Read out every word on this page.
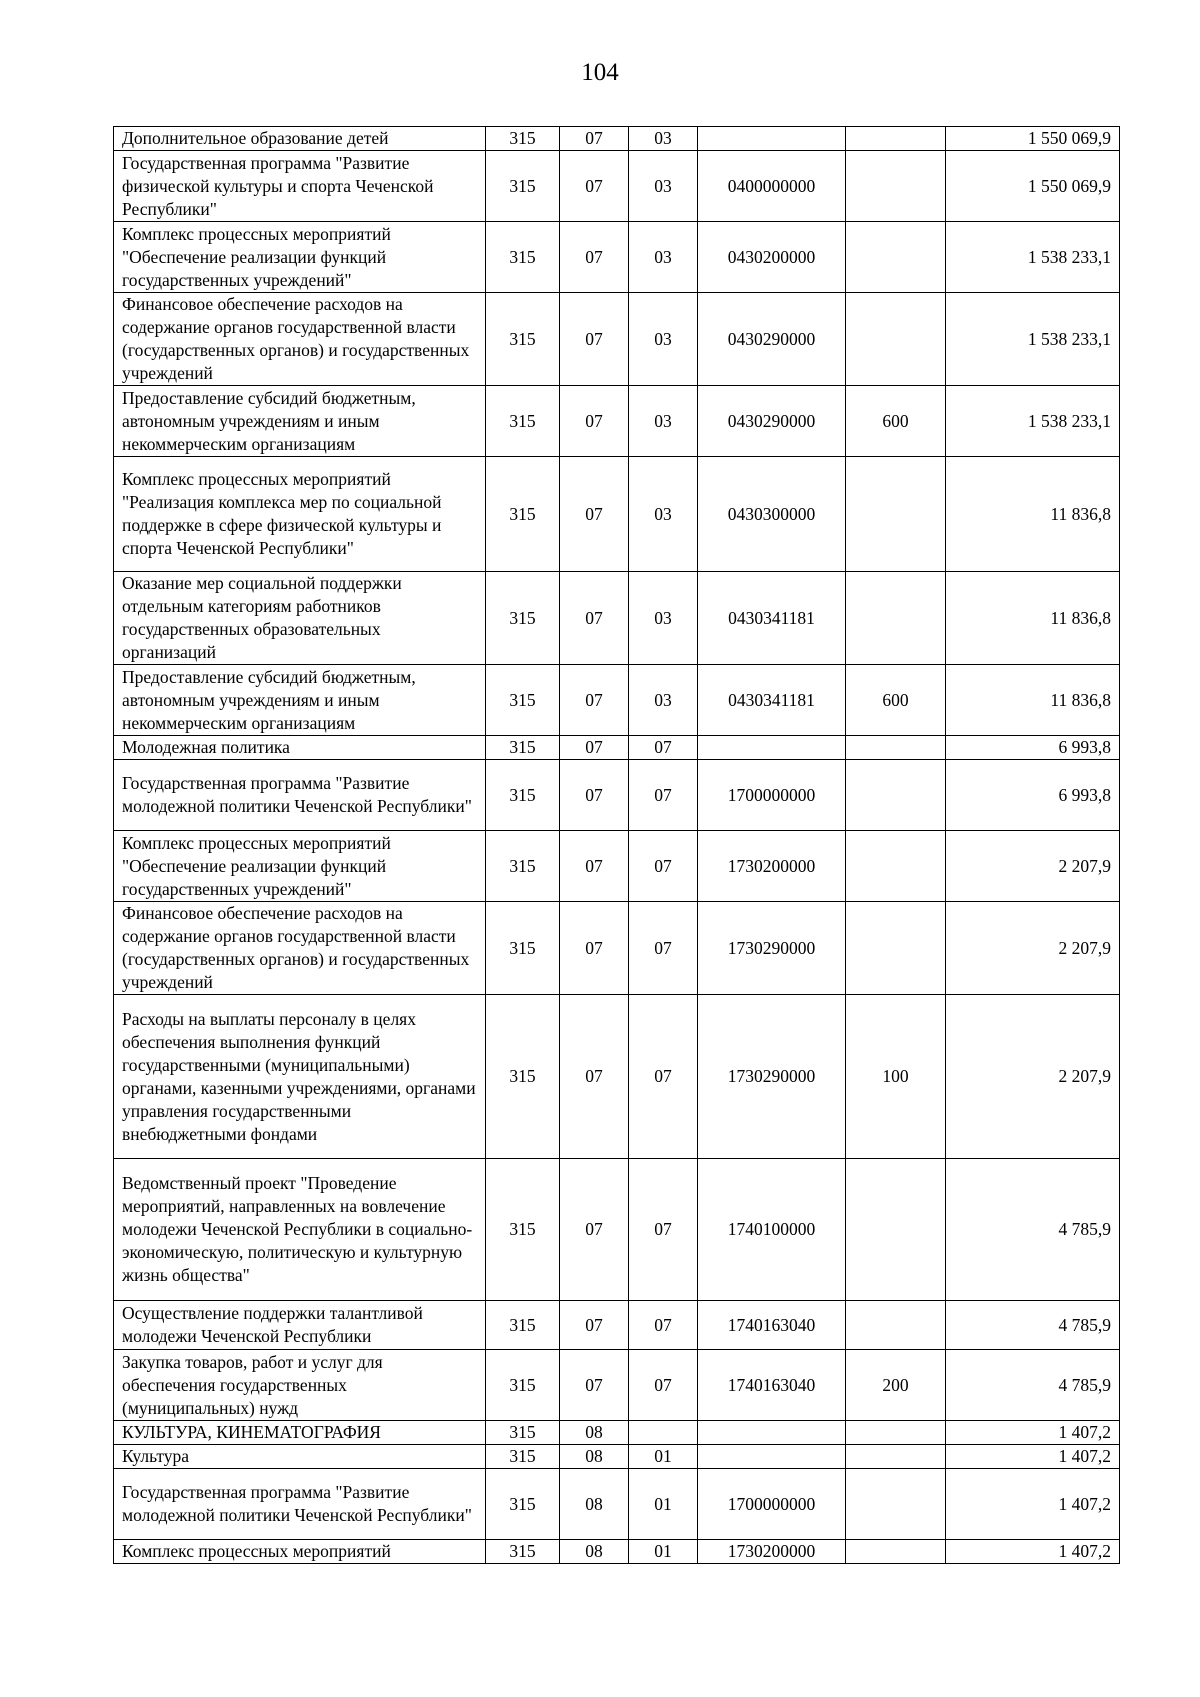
104
Дополнительное образование детей	315	07	03			1 550 069,9
Государственная программа "Развитие физической культуры и спорта Чеченской Республики"	315	07	03	0400000000		1 550 069,9
Комплекс процессных мероприятий "Обеспечение реализации функций государственных учреждений"	315	07	03	0430200000		1 538 233,1
Финансовое обеспечение расходов на содержание органов государственной власти (государственных органов) и государственных учреждений	315	07	03	0430290000		1 538 233,1
Предоставление субсидий бюджетным, автономным учреждениям и иным некоммерческим организациям	315	07	03	0430290000	600	1 538 233,1
Комплекс процессных мероприятий "Реализация комплекса мер по социальной поддержке в сфере физической культуры и спорта Чеченской Республики"	315	07	03	0430300000		11 836,8
Оказание мер социальной поддержки отдельным категориям работников государственных образовательных организаций	315	07	03	0430341181		11 836,8
Предоставление субсидий бюджетным, автономным учреждениям и иным некоммерческим организациям	315	07	03	0430341181	600	11 836,8
Молодежная политика	315	07	07			6 993,8
Государственная программа "Развитие молодежной политики Чеченской Республики"	315	07	07	1700000000		6 993,8
Комплекс процессных мероприятий "Обеспечение реализации функций государственных учреждений"	315	07	07	1730200000		2 207,9
Финансовое обеспечение расходов на содержание органов государственной власти (государственных органов) и государственных учреждений	315	07	07	1730290000		2 207,9
Расходы на выплаты персоналу в целях обеспечения выполнения функций государственными (муниципальными) органами, казенными учреждениями, органами управления государственными внебюджетными фондами	315	07	07	1730290000	100	2 207,9
Ведомственный проект "Проведение мероприятий, направленных на вовлечение молодежи Чеченской Республики в социально-экономическую, политическую и культурную жизнь общества"	315	07	07	1740100000		4 785,9
Осуществление поддержки талантливой молодежи Чеченской Республики	315	07	07	1740163040		4 785,9
Закупка товаров, работ и услуг для обеспечения государственных (муниципальных) нужд	315	07	07	1740163040	200	4 785,9
КУЛЬТУРА, КИНЕМАТОГРАФИЯ	315	08				1 407,2
Культура	315	08	01			1 407,2
Государственная программа "Развитие молодежной политики Чеченской Республики"	315	08	01	1700000000		1 407,2
Комплекс процессных мероприятий	315	08	01	1730200000		1 407,2
